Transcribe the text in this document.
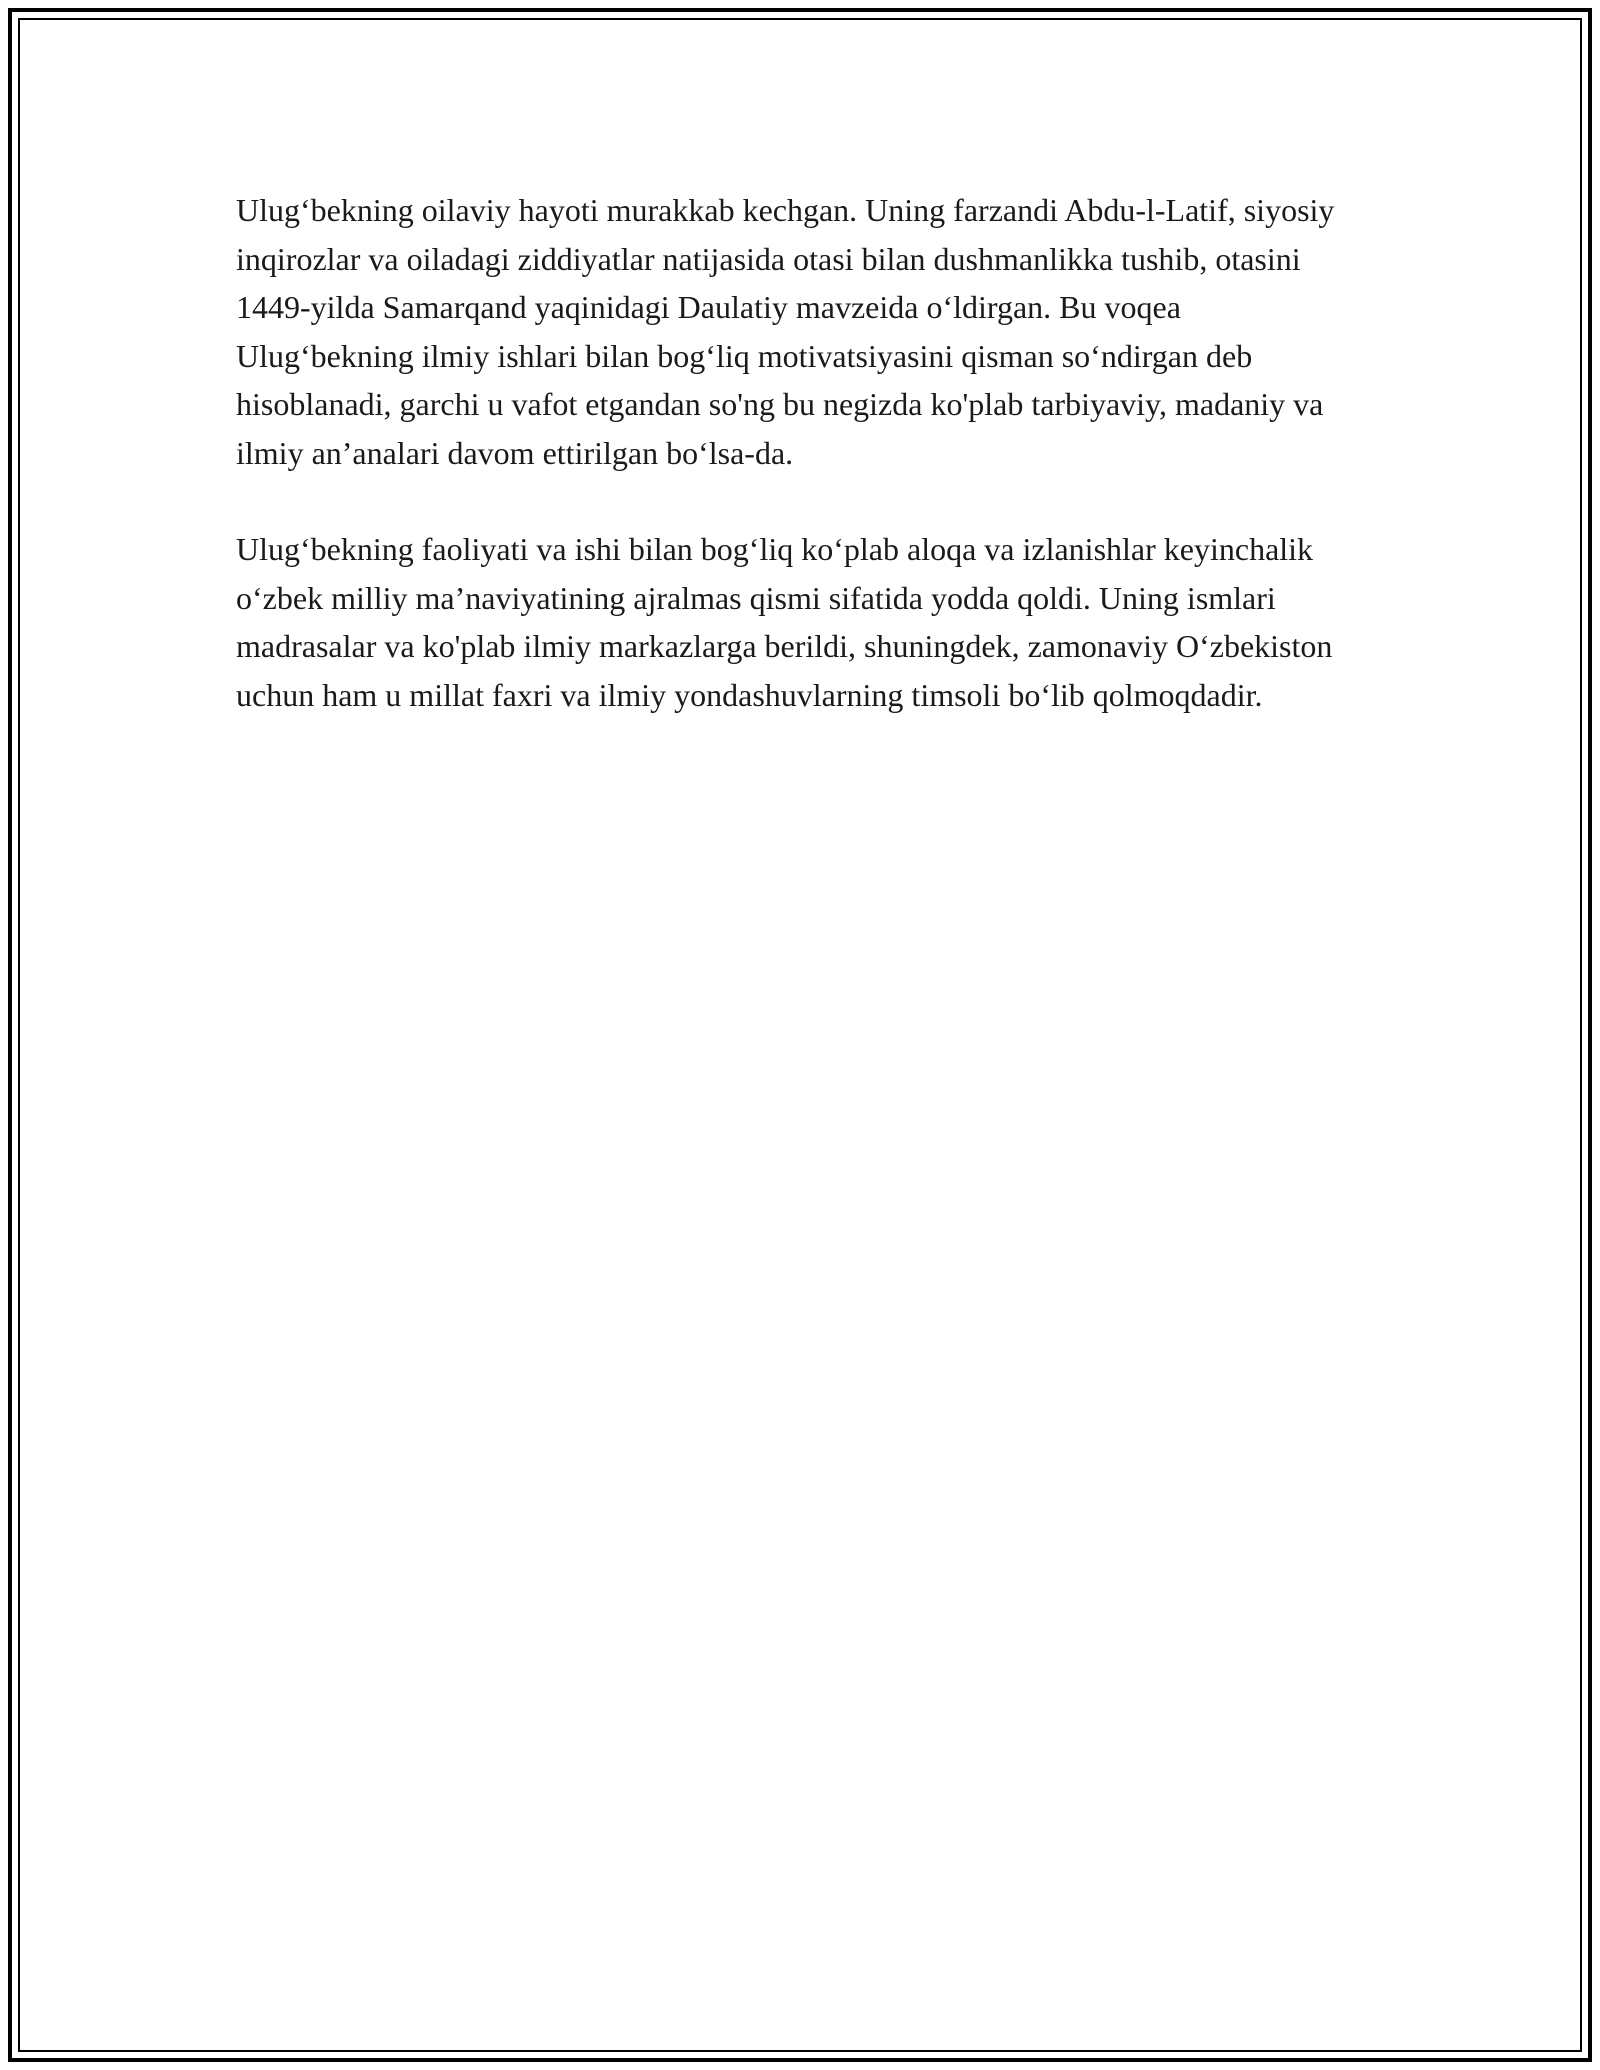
Ulug‘bekning oilaviy hayoti murakkab kechgan. Uning farzandi Abdu-l-Latif, siyosiy inqirozlar va oiladagi ziddiyatlar natijasida otasi bilan dushmanlikka tushib, otasini 1449-yilda Samarqand yaqinidagi Daulatiy mavzeida o‘ldirgan. Bu voqea Ulug‘bekning ilmiy ishlari bilan bog‘liq motivatsiyasini qisman so‘ndirgan deb hisoblanadi, garchi u vafot etgandan so'ng bu negizda ko'plab tarbiyaviy, madaniy va ilmiy an’analari davom ettirilgan bo‘lsa-da.

Ulug‘bekning faoliyati va ishi bilan bog‘liq ko‘plab aloqa va izlanishlar keyinchalik o‘zbek milliy ma’naviyatining ajralmas qismi sifatida yodda qoldi. Uning ismlari madrasalar va ko'plab ilmiy markazlarga berildi, shuningdek, zamonaviy O‘zbekiston uchun ham u millat faxri va ilmiy yondashuvlarning timsoli bo‘lib qolmoqdadir.
